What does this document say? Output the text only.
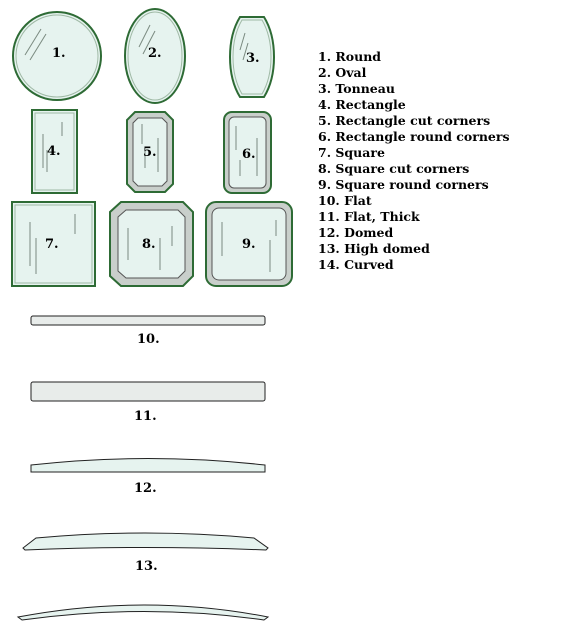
1.	2.	3.
4.	5.	6.
7.	8.	9.
10.
11.
12.
13.
1. Round
2. Oval
3. Tonneau
4. Rectangle
5. Rectangle cut corners
6. Rectangle round corners
7. Square
8. Square cut corners
9. Square round corners
10. Flat
11. Flat, Thick
12. Domed
13. High domed
14. Curved
